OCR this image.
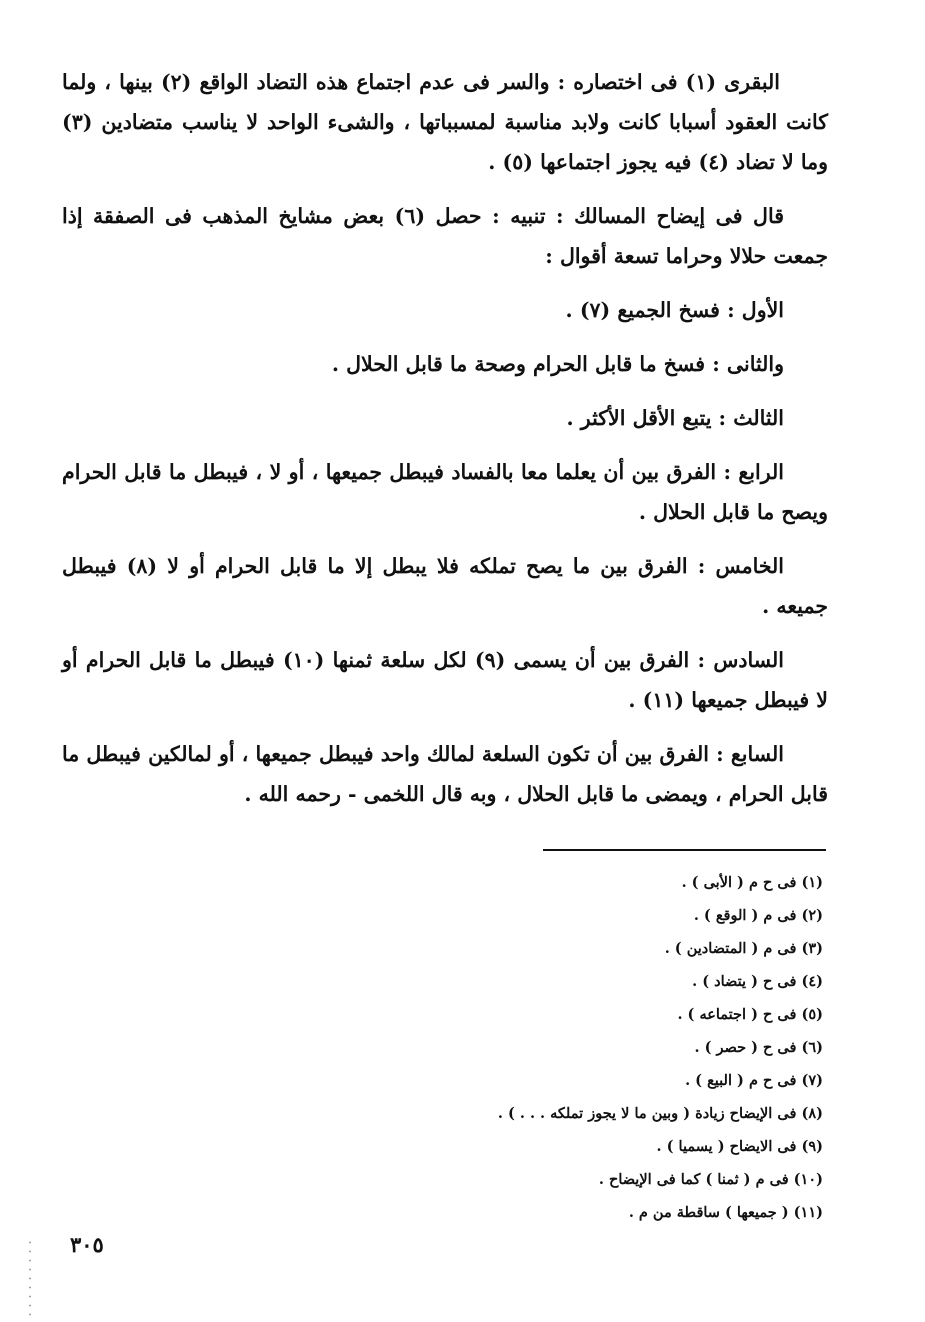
البقرى (١) فى اختصاره : والسر فى عدم اجتماع هذه التضاد الواقع (٢) بينها ، ولما كانت العقود أسبابا كانت ولابد مناسبة لمسبباتها ، والشىء الواحد لا يناسب متضادين (٣) وما لا تضاد (٤) فيه يجوز اجتماعها (٥) .

قال فى إيضاح المسالك : تنبيه : حصل (٦) بعض مشايخ المذهب فى الصفقة إذا جمعت حلالا وحراما تسعة أقوال :

الأول : فسخ الجميع (٧) .

والثانى : فسخ ما قابل الحرام وصحة ما قابل الحلال .

الثالث : يتبع الأقل الأكثر .

الرابع : الفرق بين أن يعلما معا بالفساد فيبطل جميعها ، أو لا ، فيبطل ما قابل الحرام ويصح ما قابل الحلال .

الخامس : الفرق بين ما يصح تملكه فلا يبطل إلا ما قابل الحرام أو لا (٨) فيبطل جميعه .

السادس : الفرق بين أن يسمى (٩) لكل سلعة ثمنها (١٠) فيبطل ما قابل الحرام أو لا فيبطل جميعها (١١) .

السابع : الفرق بين أن تكون السلعة لمالك واحد فيبطل جميعها ، أو لمالكين فيبطل ما قابل الحرام ، ويمضى ما قابل الحلال ، وبه قال اللخمى - رحمه الله .

(١) فى ح م ( الأبى ) .
(٢) فى م ( الوقع ) .
(٣) فى م ( المتضادين ) .
(٤) فى ح ( يتضاد ) .
(٥) فى ح ( اجتماعه ) .
(٦) فى ح ( حصر ) .
(٧) فى ح م ( البيع ) .
(٨) فى الإيضاح زيادة ( وبين ما لا يجوز تملكه . . . ) .
(٩) فى الايضاح ( يسميا ) .
(١٠) فى م ( ثمنا ) كما فى الإيضاح .
(١١) ( جميعها ) ساقطة من م .
٣٠٥
